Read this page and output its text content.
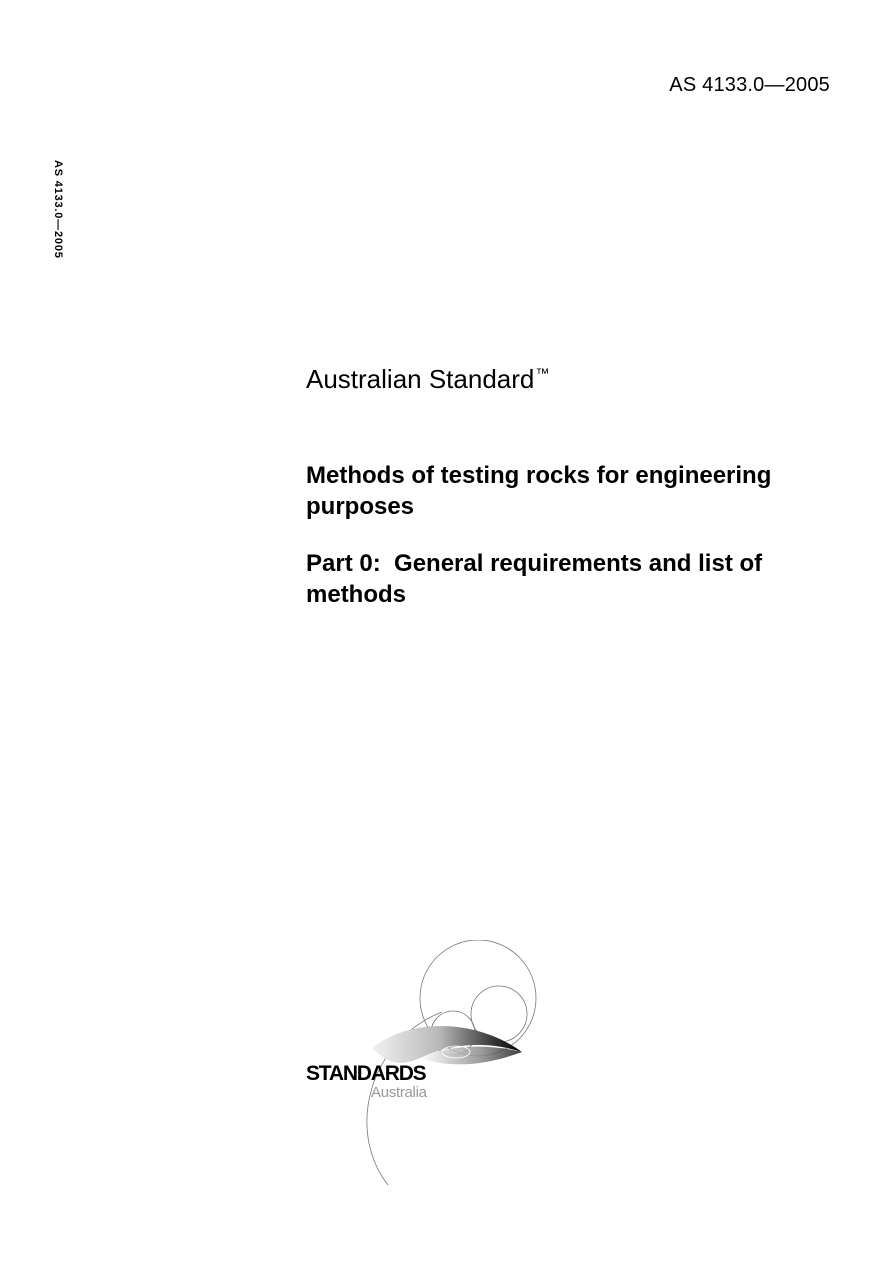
AS 4133.0—2005
AS 4133.0—2005
Australian Standard™
Methods of testing rocks for engineering purposes
Part 0:  General requirements and list of methods
STANDARDS
Australia
